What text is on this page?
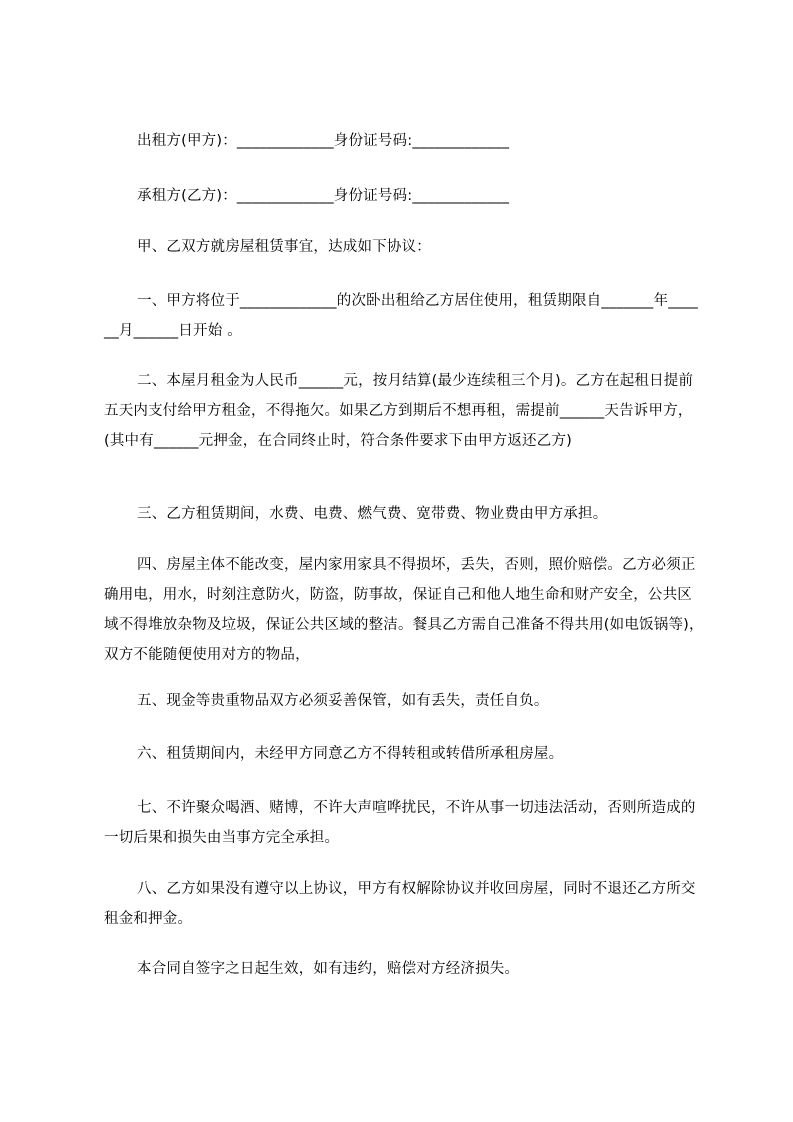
出租方(甲方)：_____________身份证号码:_____________

承租方(乙方)：_____________身份证号码:_____________

甲、乙双方就房屋租赁事宜，达成如下协议：

一、甲方将位于_____________的次卧出租给乙方居住使用，租赁期限自_______年______月______日开始 。

二、本屋月租金为人民币______元，按月结算(最少连续租三个月)。乙方在起租日提前五天内支付给甲方租金，不得拖欠。如果乙方到期后不想再租，需提前______天告诉甲方，(其中有______元押金，在合同终止时，符合条件要求下由甲方返还乙方)

三、乙方租赁期间，水费、电费、燃气费、宽带费、物业费由甲方承担。

四、房屋主体不能改变，屋内家用家具不得损坏，丢失，否则，照价赔偿。乙方必须正确用电，用水，时刻注意防火，防盗，防事故，保证自己和他人地生命和财产安全，公共区域不得堆放杂物及垃圾，保证公共区域的整洁。餐具乙方需自己准备不得共用(如电饭锅等)，双方不能随便使用对方的物品，

五、现金等贵重物品双方必须妥善保管，如有丢失，责任自负。

六、租赁期间内，未经甲方同意乙方不得转租或转借所承租房屋。

七、不许聚众喝酒、赌博，不许大声喧哗扰民，不许从事一切违法活动，否则所造成的一切后果和损失由当事方完全承担。

八、乙方如果没有遵守以上协议，甲方有权解除协议并收回房屋，同时不退还乙方所交租金和押金。

本合同自签字之日起生效，如有违约，赔偿对方经济损失。
